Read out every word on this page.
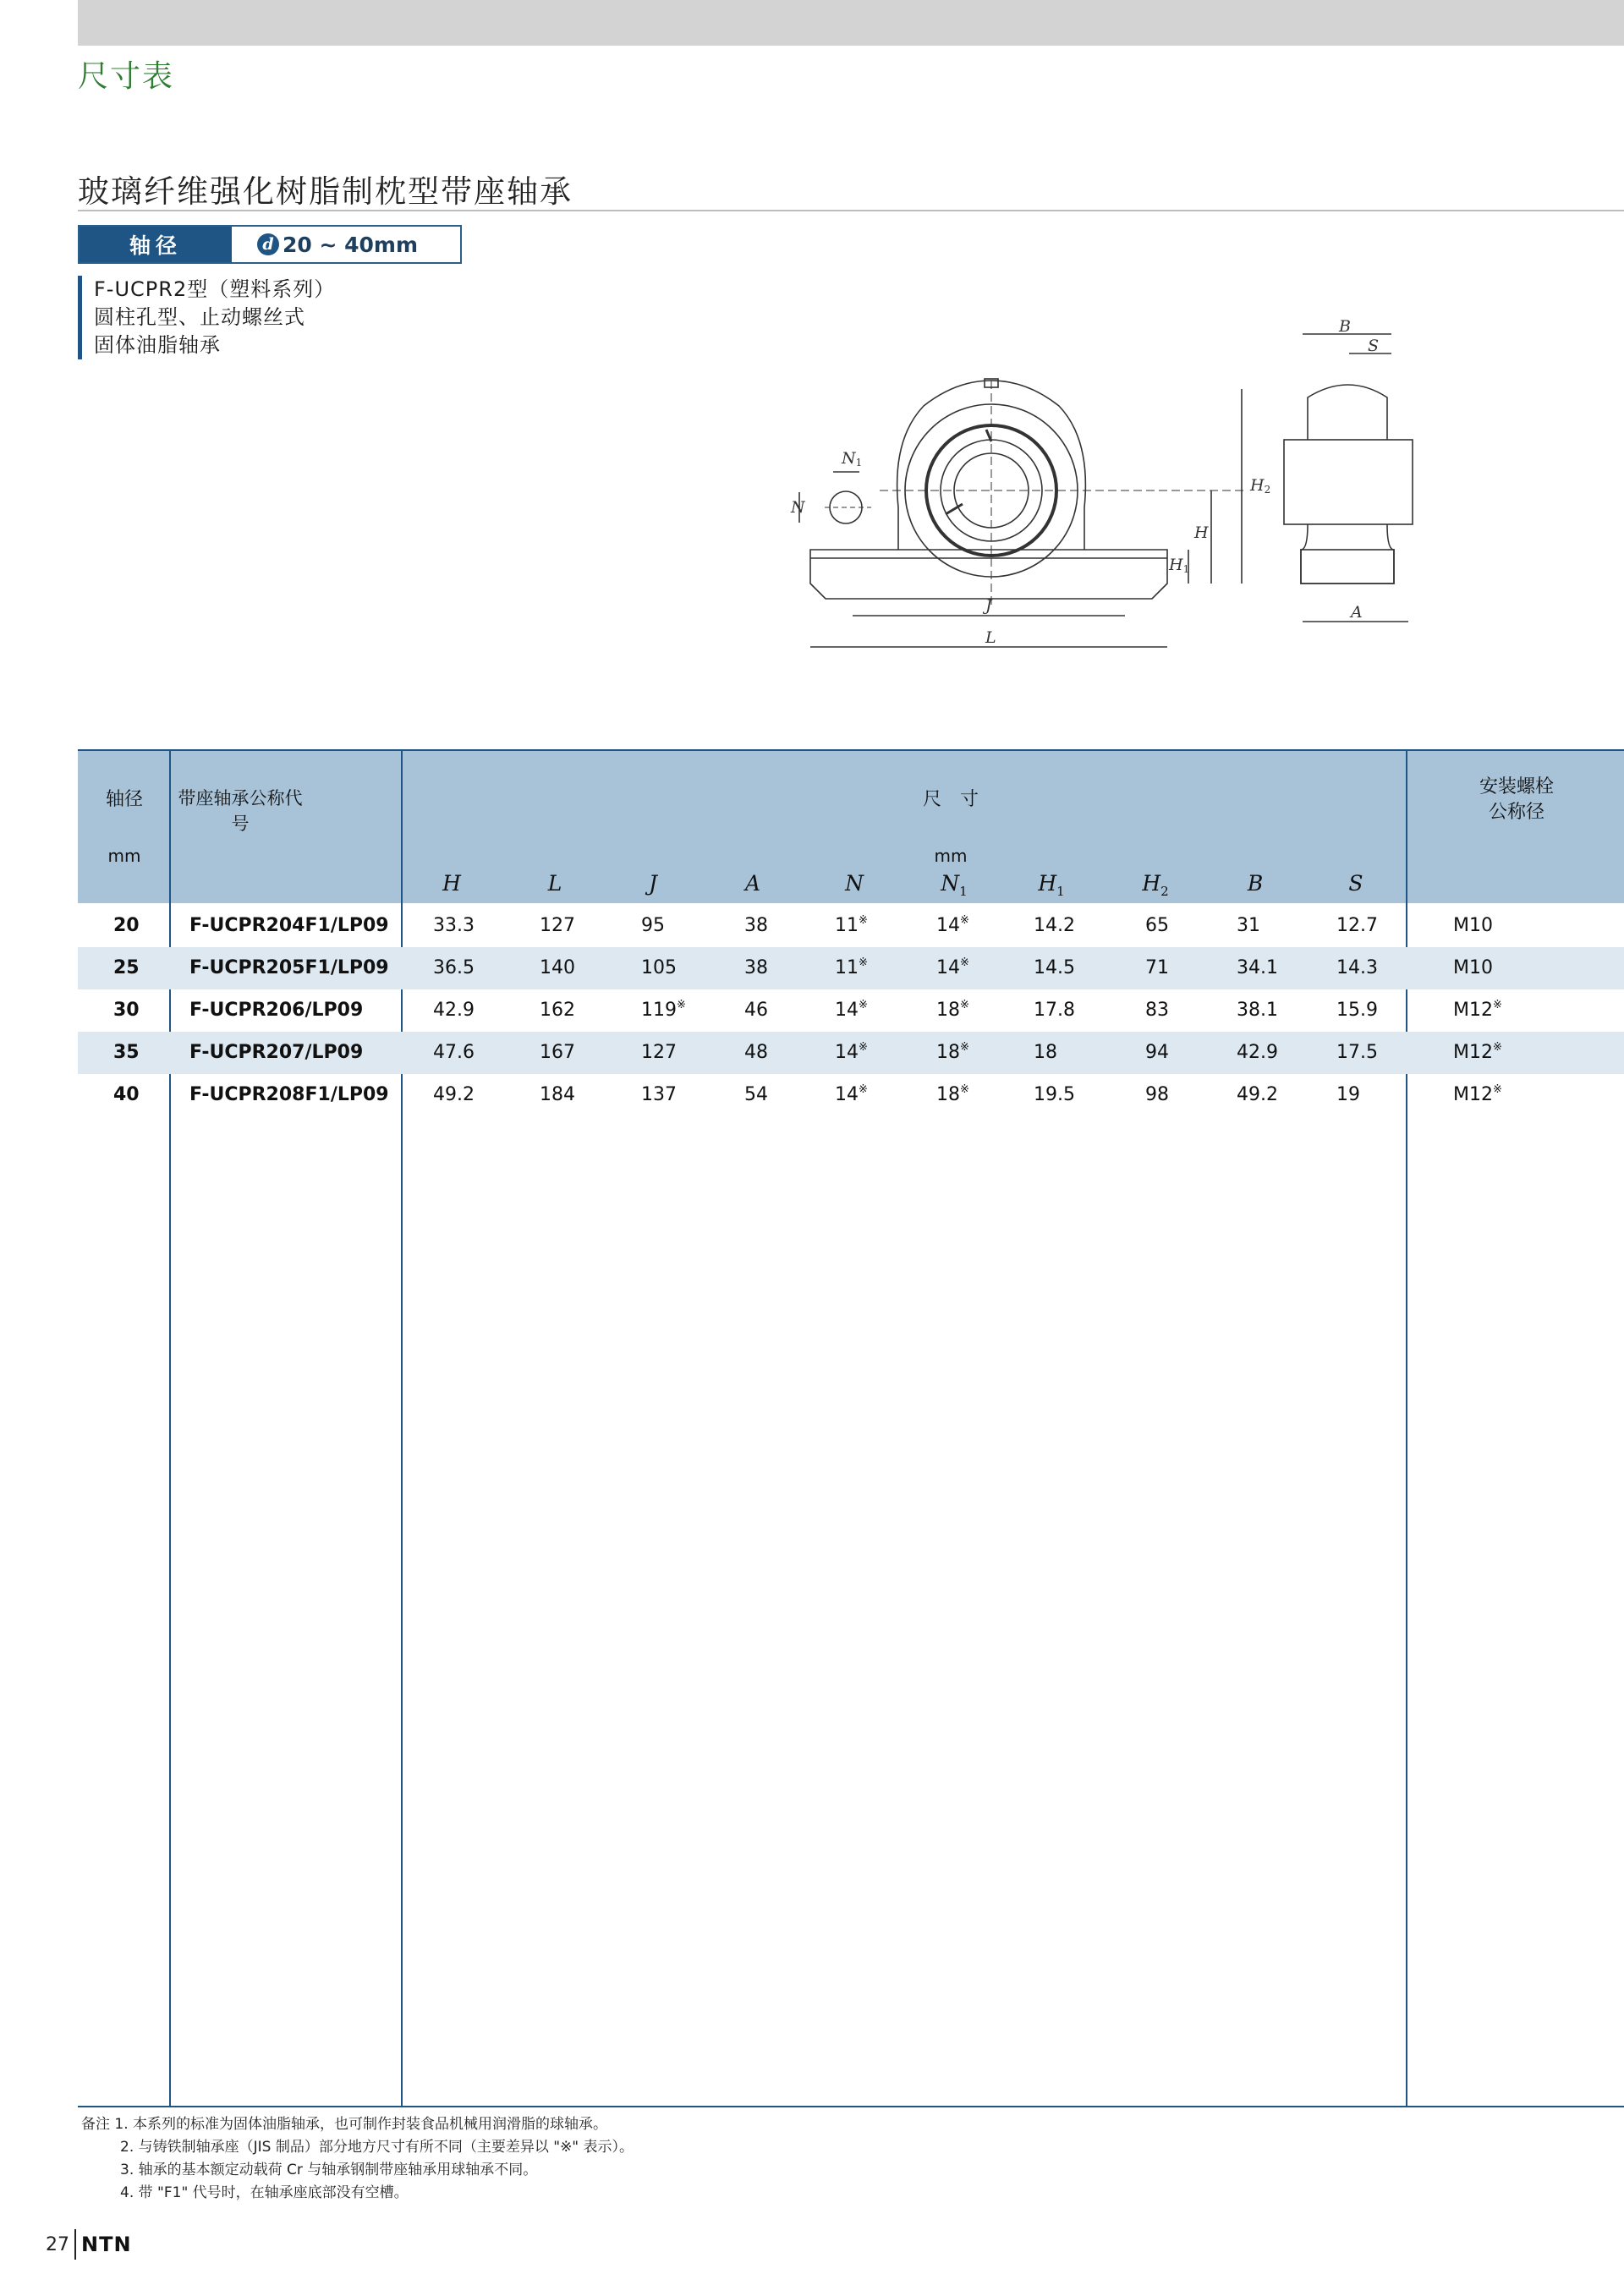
尺寸表
玻璃纤维强化树脂制枕型带座轴承
轴径	d 20 ~ 40mm
F-UCPR2型（塑料系列）
圆柱孔型、止动螺丝式
固体油脂轴承
B
S
A
L
J
N1
N
H2
H
H1
轴径
mm
带座轴承公称代号
尺　寸
mm
安装螺栓
公称径
H	L	J	A	N	$N_1$	$H_1$	$H_2$	B	S
20	F-UCPR204F1/LP09 33.3	127	95	38	11※	14※	14.2	65	31	12.7	M10
25	F-UCPR205F1/LP09 36.5	140	105	38	11※	14※	14.5	71	34.1	14.3	M10
30	F-UCPR206/LP09	42.9	162	119※	46	14※	18※	17.8	83	38.1	15.9	M12※
35	F-UCPR207/LP09	47.6	167	127	48	14※	18※	18	94	42.9	17.5	M12※
40	F-UCPR208F1/LP09 49.2	184	137	54	14※	18※	19.5	98	49.2	19	M12※
备注 1. 本系列的标准为固体油脂轴承，也可制作封装食品机械用润滑脂的球轴承。
2. 与铸铁制轴承座（JIS 制品）部分地方尺寸有所不同（主要差异以 "※" 表示）。
3. 轴承的基本额定动载荷 Cr 与轴承钢制带座轴承用球轴承不同。
4. 带 "F1" 代号时，在轴承座底部没有空槽。
27 NTN
